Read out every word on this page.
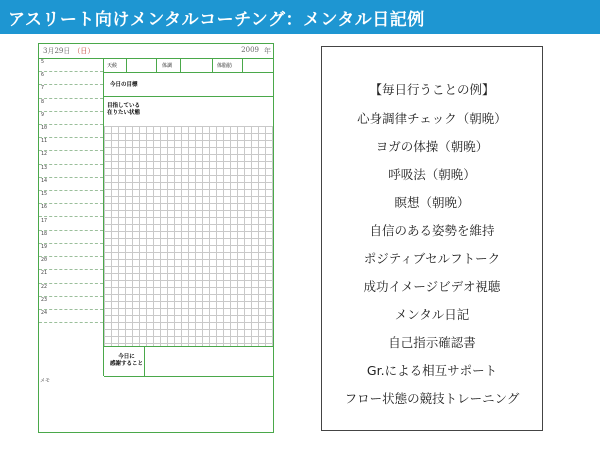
アスリート向けメンタルコーチング：メンタル日記例
3月29日 （日）	2009 年
5
6
7
8
9
10
11
12
13
14
15
16
17
18
19
20
21
22
23
24
天候	体調	体脂肪
今日の目標
目指している
在りたい状態
今日に
感謝すること
メモ
【毎日行うことの例】
心身調律チェック（朝晩）
ヨガの体操（朝晩）
呼吸法（朝晩）
瞑想（朝晩）
自信のある姿勢を維持
ポジティブセルフトーク
成功イメージビデオ視聴
メンタル日記
自己指示確認書
Gr.による相互サポート
フロー状態の競技トレーニング
